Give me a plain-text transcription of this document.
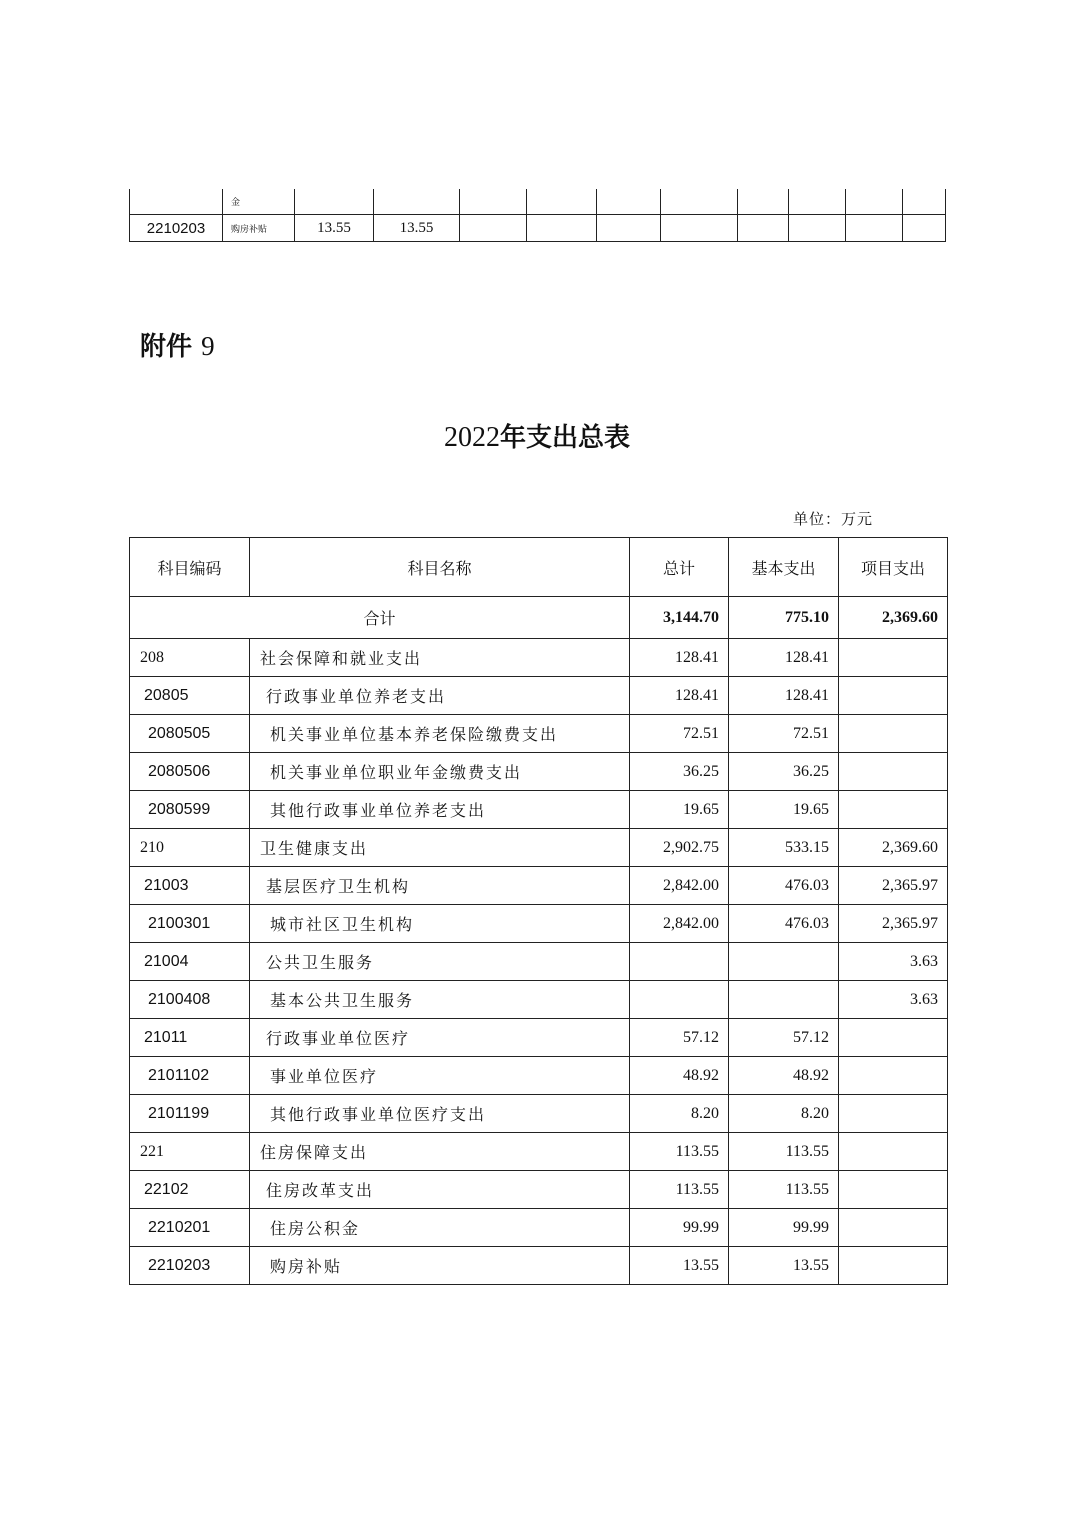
	金										
2210203	购房补贴	13.55	13.55								
附件 9
2022年支出总表
单位：万元
科目编码	科目名称	总计	基本支出	项目支出
合计		3,144.70	775.10	2,369.60
208	社会保障和就业支出	128.41	128.41	
20805	行政事业单位养老支出	128.41	128.41	
2080505	机关事业单位基本养老保险缴费支出	72.51	72.51	
2080506	机关事业单位职业年金缴费支出	36.25	36.25	
2080599	其他行政事业单位养老支出	19.65	19.65	
210	卫生健康支出	2,902.75	533.15	2,369.60
21003	基层医疗卫生机构	2,842.00	476.03	2,365.97
2100301	城市社区卫生机构	2,842.00	476.03	2,365.97
21004	公共卫生服务			3.63
2100408	基本公共卫生服务			3.63
21011	行政事业单位医疗	57.12	57.12	
2101102	事业单位医疗	48.92	48.92	
2101199	其他行政事业单位医疗支出	8.20	8.20	
221	住房保障支出	113.55	113.55	
22102	住房改革支出	113.55	113.55	
2210201	住房公积金	99.99	99.99	
2210203	购房补贴	13.55	13.55	
